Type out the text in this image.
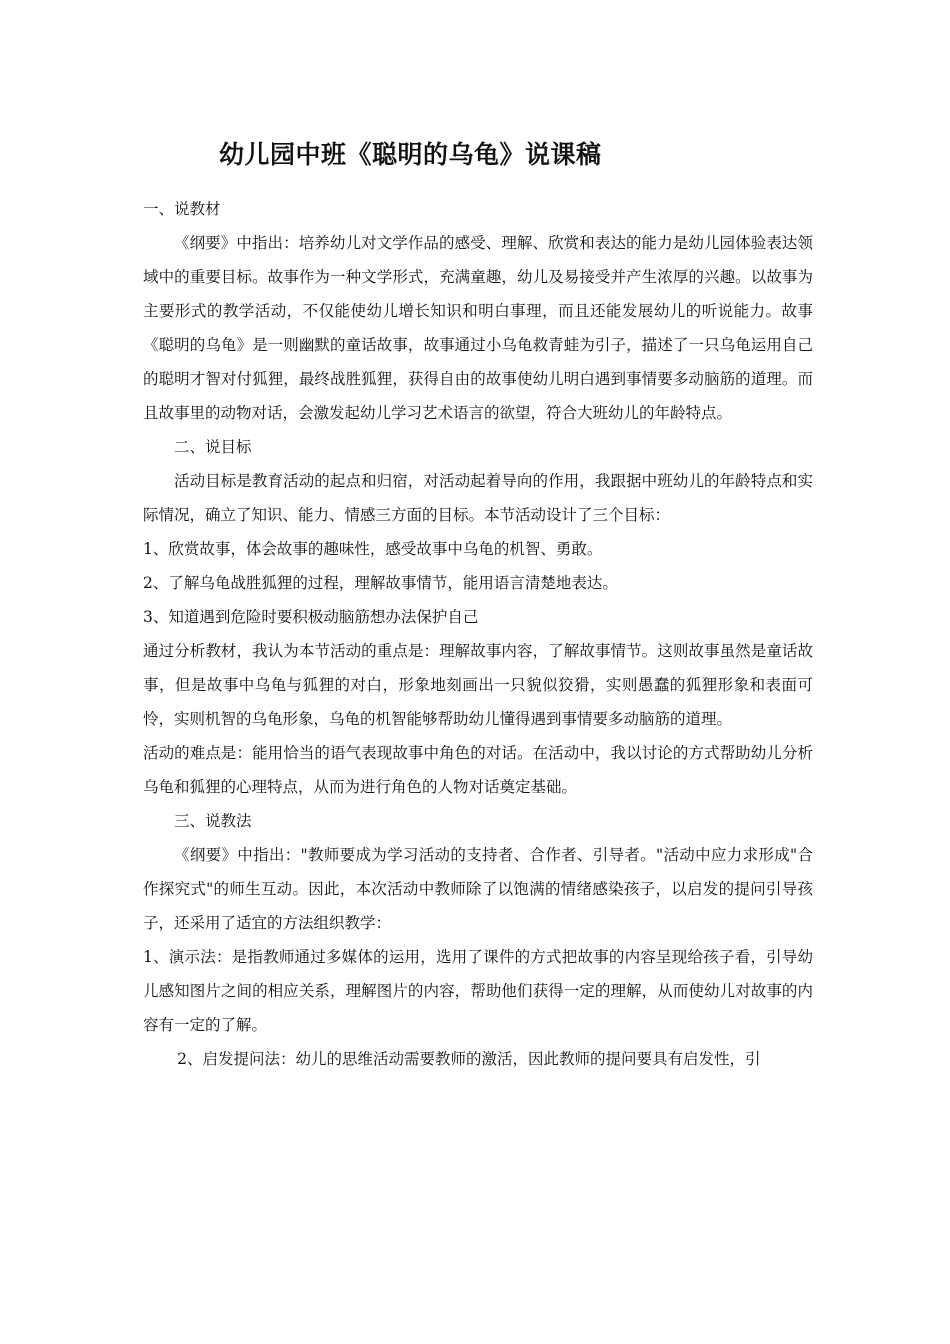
幼儿园中班《聪明的乌龟》说课稿

一、说教材

《纲要》中指出：培养幼儿对文学作品的感受、理解、欣赏和表达的能力是幼儿园体验表达领域中的重要目标。故事作为一种文学形式，充满童趣，幼儿及易接受并产生浓厚的兴趣。以故事为主要形式的教学活动，不仅能使幼儿增长知识和明白事理，而且还能发展幼儿的听说能力。故事《聪明的乌龟》是一则幽默的童话故事，故事通过小乌龟救青蛙为引子，描述了一只乌龟运用自己的聪明才智对付狐狸，最终战胜狐狸，获得自由的故事使幼儿明白遇到事情要多动脑筋的道理。而且故事里的动物对话，会激发起幼儿学习艺术语言的欲望，符合大班幼儿的年龄特点。

二、说目标

活动目标是教育活动的起点和归宿，对活动起着导向的作用，我跟据中班幼儿的年龄特点和实际情况，确立了知识、能力、情感三方面的目标。本节活动设计了三个目标：

1、欣赏故事，体会故事的趣味性，感受故事中乌龟的机智、勇敢。

2、了解乌龟战胜狐狸的过程，理解故事情节，能用语言清楚地表达。

3、知道遇到危险时要积极动脑筋想办法保护自己

通过分析教材，我认为本节活动的重点是：理解故事内容，了解故事情节。这则故事虽然是童话故事，但是故事中乌龟与狐狸的对白，形象地刻画出一只貌似狡猾，实则愚蠢的狐狸形象和表面可怜，实则机智的乌龟形象，乌龟的机智能够帮助幼儿懂得遇到事情要多动脑筋的道理。

活动的难点是：能用恰当的语气表现故事中角色的对话。在活动中，我以讨论的方式帮助幼儿分析乌龟和狐狸的心理特点，从而为进行角色的人物对话奠定基础。

三、说教法

《纲要》中指出："教师要成为学习活动的支持者、合作者、引导者。"活动中应力求形成"合作探究式"的师生互动。因此，本次活动中教师除了以饱满的情绪感染孩子，以启发的提问引导孩子，还采用了适宜的方法组织教学：

1、演示法：是指教师通过多媒体的运用，选用了课件的方式把故事的内容呈现给孩子看，引导幼儿感知图片之间的相应关系，理解图片的内容，帮助他们获得一定的理解，从而使幼儿对故事的内容有一定的了解。

2、启发提问法：幼儿的思维活动需要教师的激活，因此教师的提问要具有启发性，引
